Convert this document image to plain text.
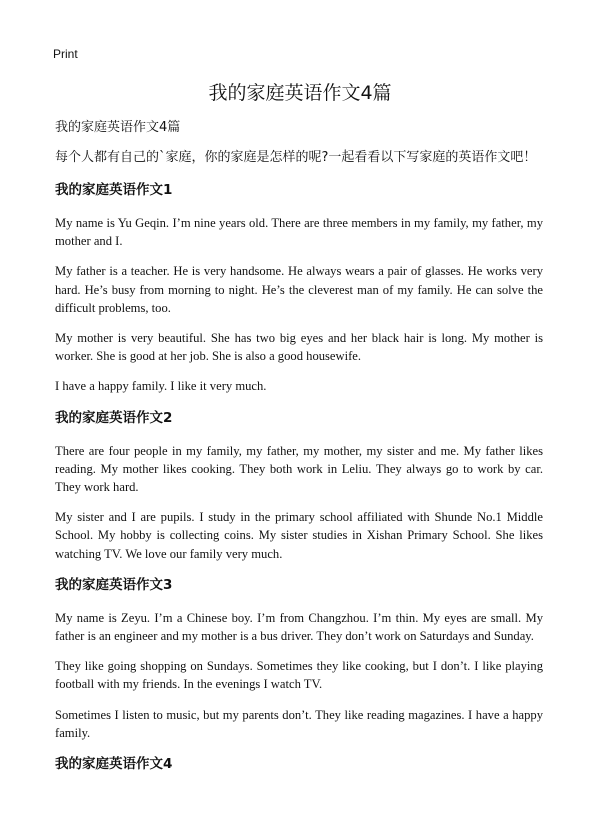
Print
我的家庭英语作文4篇

我的家庭英语作文4篇

每个人都有自己的`家庭，你的家庭是怎样的呢?一起看看以下写家庭的英语作文吧！

我的家庭英语作文1

My name is Yu Geqin. I’m nine years old. There are three members in my family, my father, my mother and I.

My father is a teacher. He is very handsome. He always wears a pair of glasses. He works very hard. He’s busy from morning to night. He’s the cleverest man of my family. He can solve the difficult problems, too.

My mother is very beautiful. She has two big eyes and her black hair is long. My mother is worker. She is good at her job. She is also a good housewife.

I have a happy family. I like it very much.

我的家庭英语作文2

There are four people in my family, my father, my mother, my sister and me. My father likes reading. My mother likes cooking. They both work in Leliu. They always go to work by car. They work hard.

My sister and I are pupils. I study in the primary school affiliated with Shunde No.1 Middle School. My hobby is collecting coins. My sister studies in Xishan Primary School. She likes watching TV. We love our family very much.

我的家庭英语作文3

My name is Zeyu. I’m a Chinese boy. I’m from Changzhou. I’m thin. My eyes are small. My father is an engineer and my mother is a bus driver. They don’t work on Saturdays and Sunday.

They like going shopping on Sundays. Sometimes they like cooking, but I don’t. I like playing football with my friends. In the evenings I watch TV.

Sometimes I listen to music, but my parents don’t. They like reading magazines. I have a happy family.

我的家庭英语作文4
